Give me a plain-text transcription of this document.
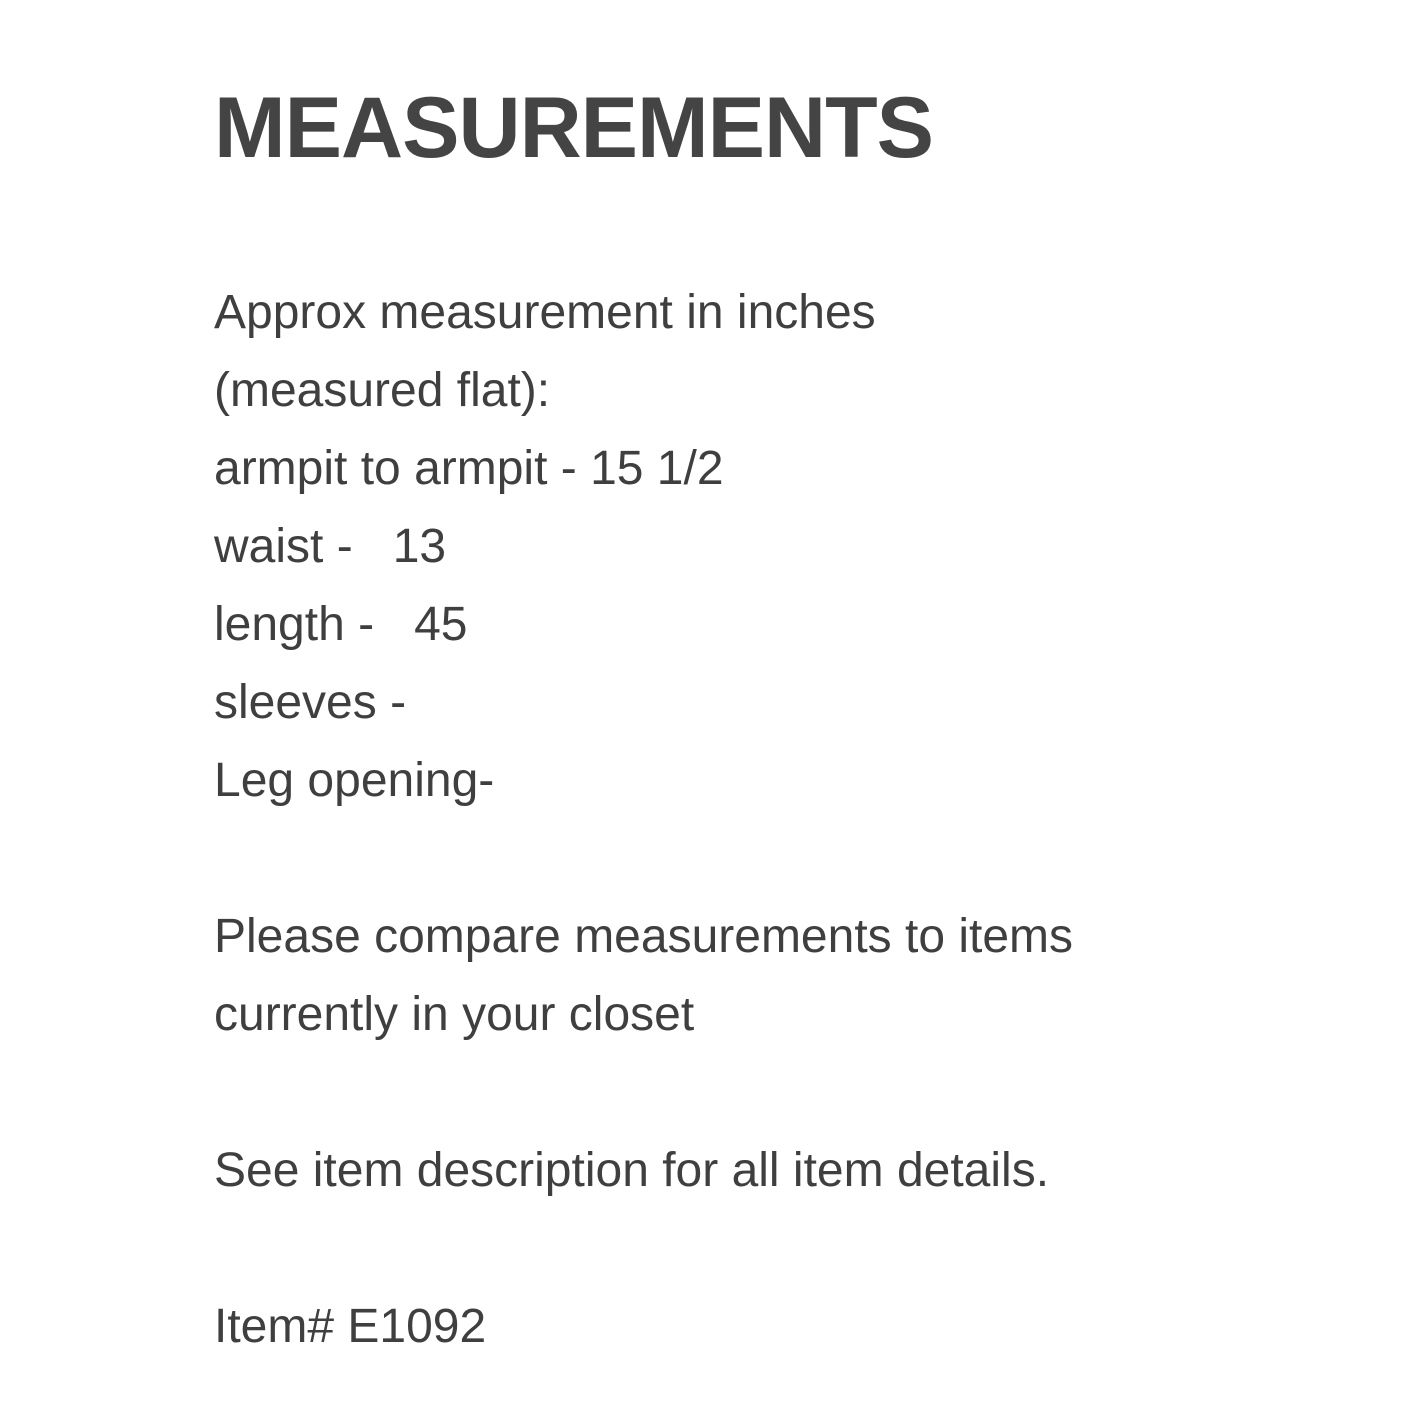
MEASUREMENTS

Approx measurement in inches

(measured flat):

armpit to armpit - 15 1/2

waist -   13

length -   45

sleeves -

Leg opening-

Please compare measurements to items

currently in your closet

See item description for all item details.

Item# E1092
